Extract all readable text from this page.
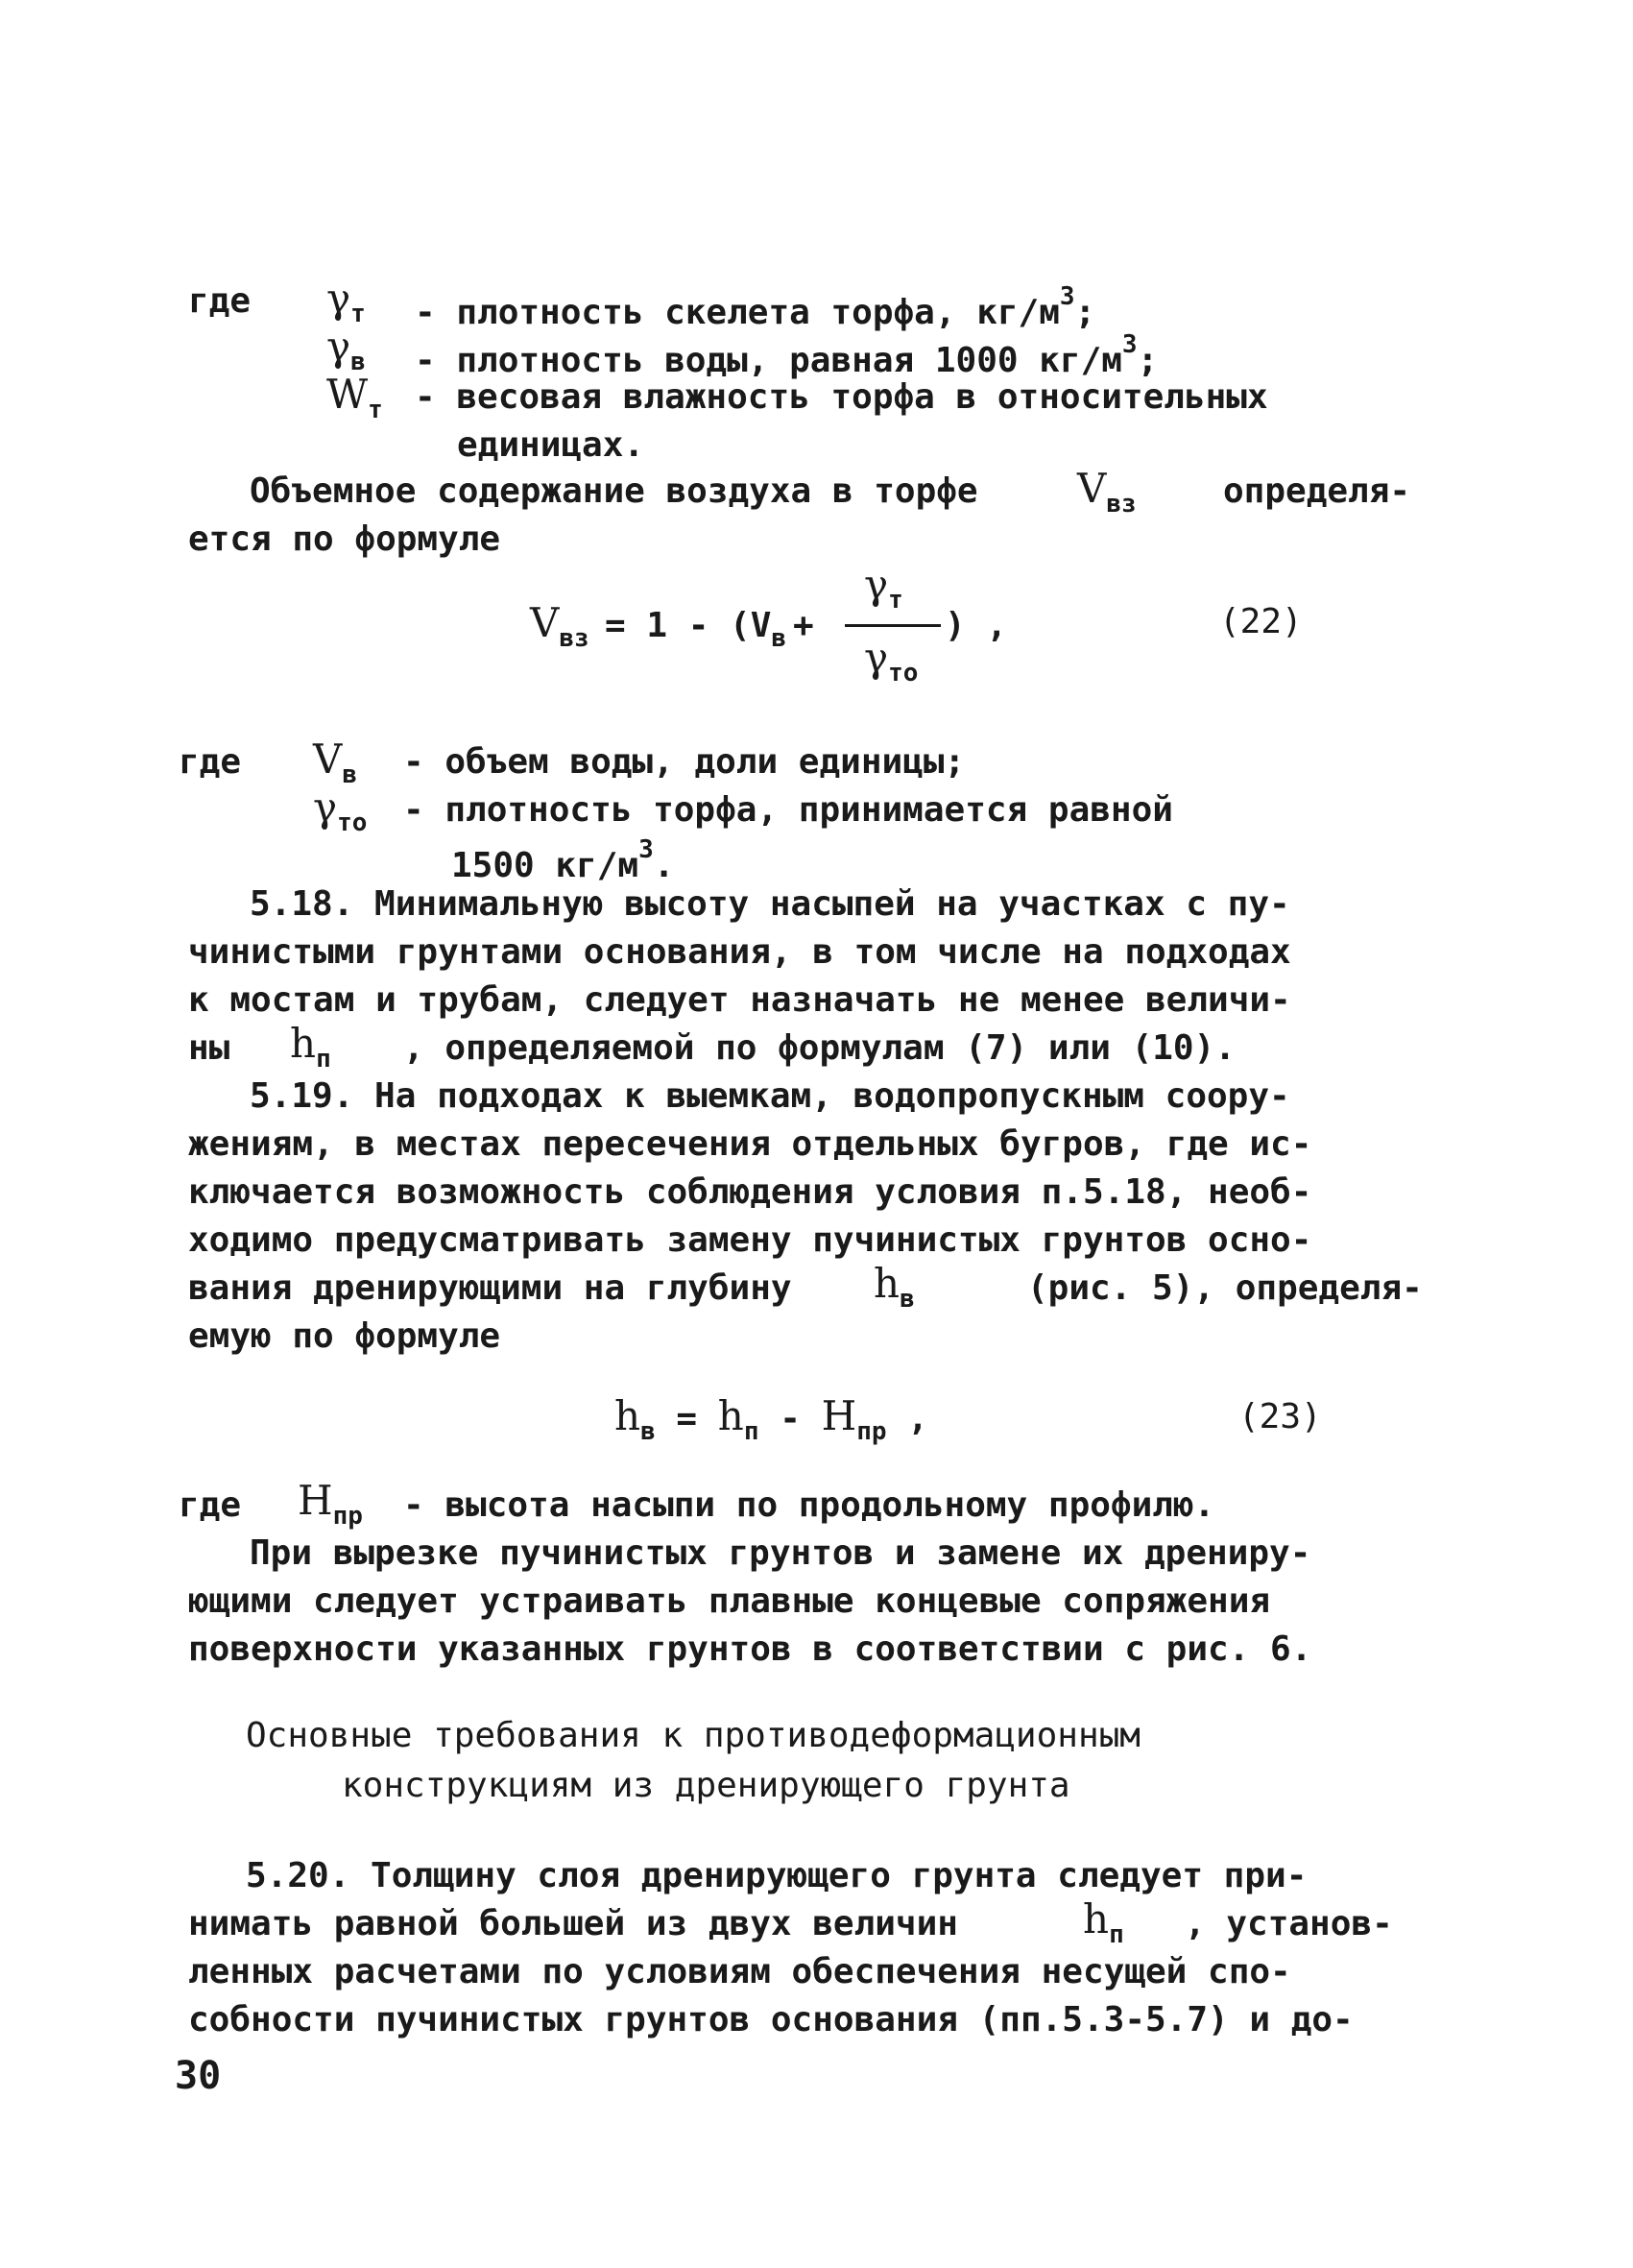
где $\gamma_т$ - плотность скелета торфа, $кг/м^3$;
$\gamma_в$ - плотность воды, равная 1000 $кг/м^3$;
$W_т$ - весовая влажность торфа в относительных
единицах.
Объемное содержание воздуха в торфе $V_{вз}$	определя-
ется по формуле
$V_{вз} = 1 - (V_в$ +
$\gamma_т$
$\gamma_{то}$
) ,	(22)
где $V_в$ - объем воды, доли единицы;
$\gamma_{то}$ - плотность торфа, принимается равной
1500 $кг/м^3$.
5.18. Минимальную высоту насыпей на участках с пу-
чинистыми грунтами основания, в том числе на подходах
к мостам и трубам, следует назначать не менее величи-
ны $h_п$ , определяемой по формулам (7) или (10).
5.19. На подходах к выемкам, водопропускным соору-
жениям, в местах пересечения отдельных бугров, где ис-
ключается возможность соблюдения условия п.5.18, необ-
ходимо предусматривать замену пучинистых грунтов осно-
вания дренирующими на глубину $h_в$	(рис. 5), определя-
емую по формуле
$h_в = h_п - H_{пр}$ ,	(23)
где $H_{пр}$ - высота насыпи по продольному профилю.
При вырезке пучинистых грунтов и замене их дрениру-
ющими следует устраивать плавные концевые сопряжения
поверхности указанных грунтов в соответствии с рис. 6.
Основные требования к противодеформационным
конструкциям из дренирующего грунта
5.20. Толщину слоя дренирующего грунта следует при-
нимать равной большей из двух величин	$h_п$ , установ-
ленных расчетами по условиям обеспечения несущей спо-
собности пучинистых грунтов основания (пп.5.3-5.7) и до-
30
